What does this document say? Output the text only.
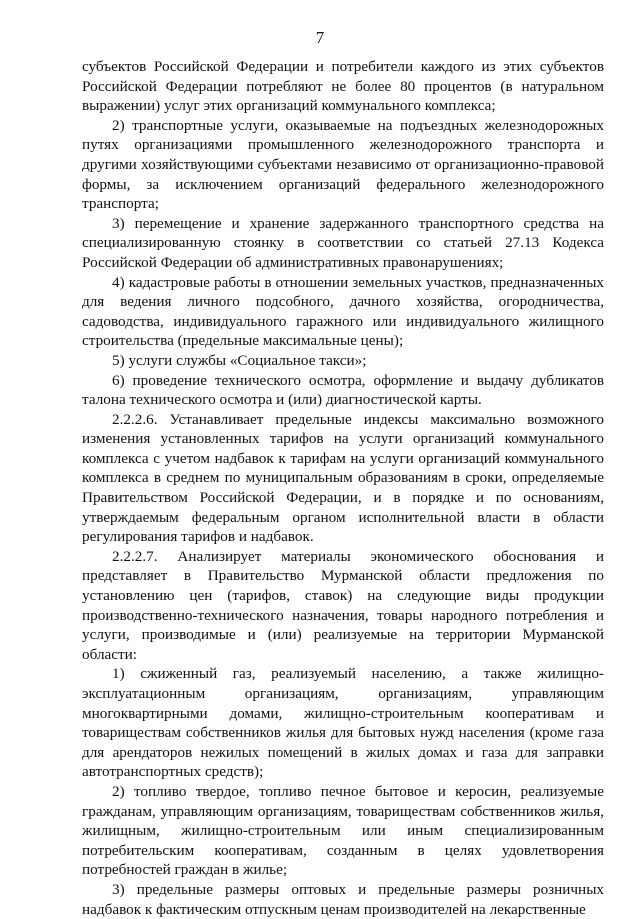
7

субъектов Российской Федерации и потребители каждого из этих субъектов Российской Федерации потребляют не более 80 процентов (в натуральном выражении) услуг этих организаций коммунального комплекса;

2) транспортные услуги, оказываемые на подъездных железнодорожных путях организациями промышленного железнодорожного транспорта и другими хозяйствующими субъектами независимо от организационно-правовой формы, за исключением организаций федерального железнодорожного транспорта;

3) перемещение и хранение задержанного транспортного средства на специализированную стоянку в соответствии со статьей 27.13 Кодекса Российской Федерации об административных правонарушениях;

4) кадастровые работы в отношении земельных участков, предназначенных для ведения личного подсобного, дачного хозяйства, огородничества, садоводства, индивидуального гаражного или индивидуального жилищного строительства (предельные максимальные цены);

5) услуги службы «Социальное такси»;

6) проведение технического осмотра, оформление и выдачу дубликатов талона технического осмотра и (или) диагностической карты.

2.2.2.6. Устанавливает предельные индексы максимально возможного изменения установленных тарифов на услуги организаций коммунального комплекса с учетом надбавок к тарифам на услуги организаций коммунального комплекса в среднем по муниципальным образованиям в сроки, определяемые Правительством Российской Федерации, и в порядке и по основаниям, утверждаемым федеральным органом исполнительной власти в области регулирования тарифов и надбавок.

2.2.2.7. Анализирует материалы экономического обоснования и представляет в Правительство Мурманской области предложения по установлению цен (тарифов, ставок) на следующие виды продукции производственно-технического назначения, товары народного потребления и услуги, производимые и (или) реализуемые на территории Мурманской области:

1) сжиженный газ, реализуемый населению, а также жилищно-эксплуатационным организациям, организациям, управляющим многоквартирными домами, жилищно-строительным кооперативам и товариществам собственников жилья для бытовых нужд населения (кроме газа для арендаторов нежилых помещений в жилых домах и газа для заправки автотранспортных средств);

2) топливо твердое, топливо печное бытовое и керосин, реализуемые гражданам, управляющим организациям, товариществам собственников жилья, жилищным, жилищно-строительным или иным специализированным потребительским кооперативам, созданным в целях удовлетворения потребностей граждан в жилье;

3) предельные размеры оптовых и предельные размеры розничных надбавок к фактическим отпускным ценам производителей на лекарственные
